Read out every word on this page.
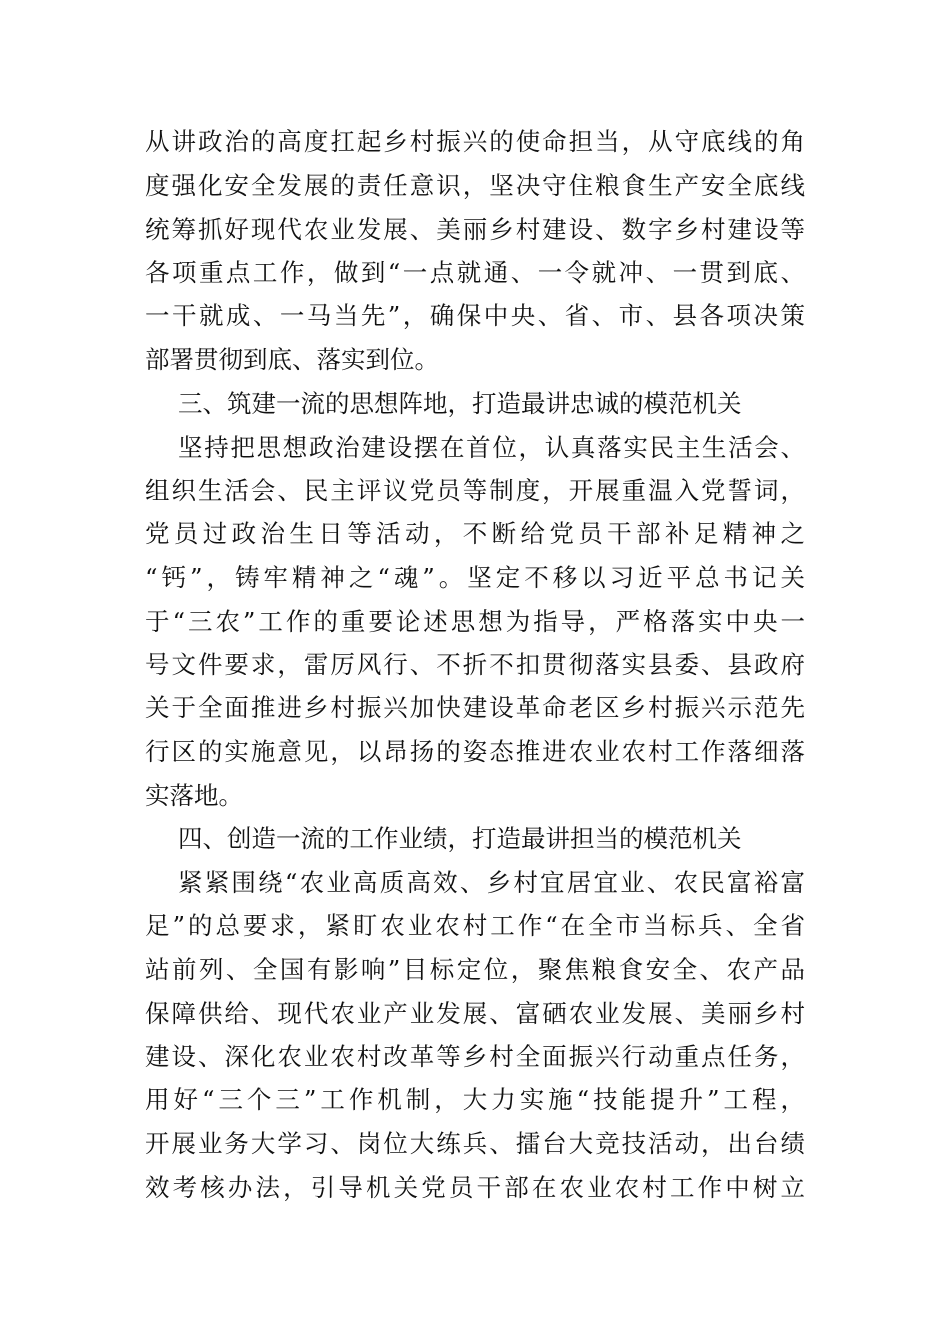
从讲政治的高度扛起乡村振兴的使命担当，从守底线的角
度强化安全发展的责任意识，坚决守住粮食生产安全底线
统筹抓好现代农业发展、美丽乡村建设、数字乡村建设等
各项重点工作，做到“一点就通、一令就冲、一贯到底、
一干就成、一马当先”，确保中央、省、市、县各项决策
部署贯彻到底、落实到位。
三、筑建一流的思想阵地，打造最讲忠诚的模范机关
坚持把思想政治建设摆在首位，认真落实民主生活会、
组织生活会、民主评议党员等制度，开展重温入党誓词，
党员过政治生日等活动，不断给党员干部补足精神之
“钙”，铸牢精神之“魂”。坚定不移以习近平总书记关
于“三农”工作的重要论述思想为指导，严格落实中央一
号文件要求，雷厉风行、不折不扣贯彻落实县委、县政府
关于全面推进乡村振兴加快建设革命老区乡村振兴示范先
行区的实施意见，以昂扬的姿态推进农业农村工作落细落
实落地。
四、创造一流的工作业绩，打造最讲担当的模范机关
紧紧围绕“农业高质高效、乡村宜居宜业、农民富裕富
足”的总要求，紧盯农业农村工作“在全市当标兵、全省
站前列、全国有影响”目标定位，聚焦粮食安全、农产品
保障供给、现代农业产业发展、富硒农业发展、美丽乡村
建设、深化农业农村改革等乡村全面振兴行动重点任务，
用好“三个三”工作机制，大力实施“技能提升”工程，
开展业务大学习、岗位大练兵、擂台大竞技活动，出台绩
效考核办法，引导机关党员干部在农业农村工作中树立
